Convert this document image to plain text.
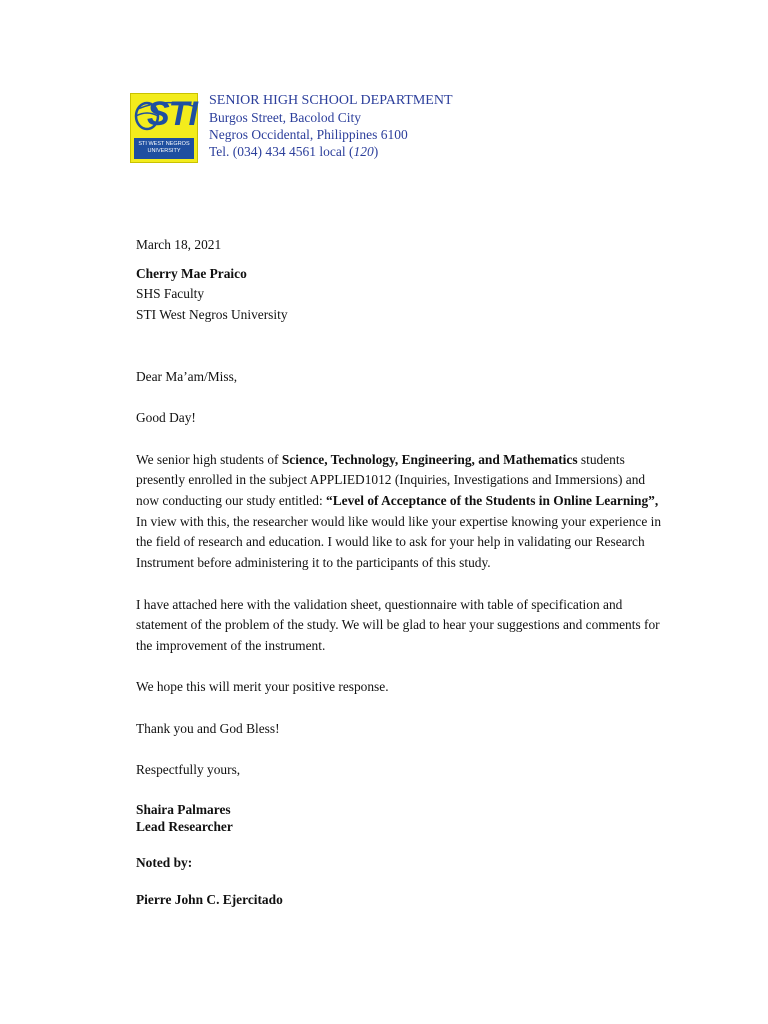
STI
STI WEST NEGROS
UNIVERSITY
SENIOR HIGH SCHOOL DEPARTMENT
Burgos Street, Bacolod City
Negros Occidental, Philippines 6100
Tel. (034) 434 4561 local (120)

March 18, 2021

Cherry Mae Praico

SHS Faculty

STI West Negros University

Dear Ma’am/Miss,

Good Day!

We senior high students of Science, Technology, Engineering, and Mathematics students presently enrolled in the subject APPLIED1012 (Inquiries, Investigations and Immersions) and now conducting our study entitled: “Level of Acceptance of the Students in Online Learning”, In view with this, the researcher would like would like your expertise knowing your experience in the field of research and education. I would like to ask for your help in validating our Research Instrument before administering it to the participants of this study.

I have attached here with the validation sheet, questionnaire with table of specification and statement of the problem of the study. We will be glad to hear your suggestions and comments for the improvement of the instrument.

We hope this will merit your positive response.

Thank you and God Bless!

Respectfully yours,

Shaira Palmares

Lead Researcher

Noted by:

Pierre John C. Ejercitado
